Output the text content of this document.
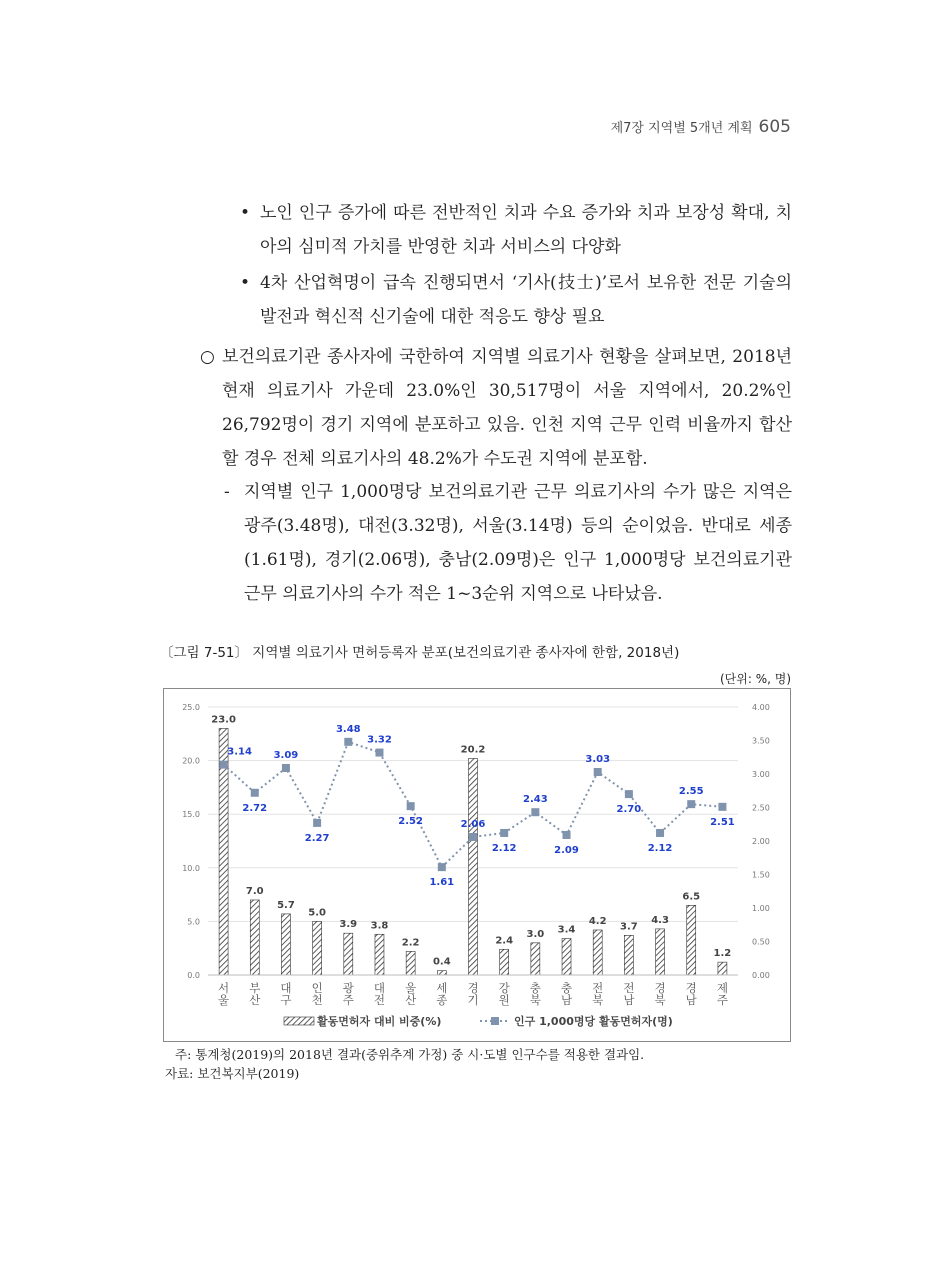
제7장 지역별 5개년 계획 605
• 노인 인구 증가에 따른 전반적인 치과 수요 증가와 치과 보장성 확대, 치아의 심미적 가치를 반영한 치과 서비스의 다양화
• 4차 산업혁명이 급속 진행되면서 ‘기사(技士)’로서 보유한 전문 기술의 발전과 혁신적 신기술에 대한 적응도 향상 필요
○ 보건의료기관 종사자에 국한하여 지역별 의료기사 현황을 살펴보면, 2018년 현재 의료기사 가운데 23.0%인 30,517명이 서울 지역에서, 20.2%인 26,792명이 경기 지역에 분포하고 있음. 인천 지역 근무 인력 비율까지 합산할 경우 전체 의료기사의 48.2%가 수도권 지역에 분포함.
- 지역별 인구 1,000명당 보건의료기관 근무 의료기사의 수가 많은 지역은 광주(3.48명), 대전(3.32명), 서울(3.14명) 등의 순이었음. 반대로 세종(1.61명), 경기(2.06명), 충남(2.09명)은 인구 1,000명당 보건의료기관 근무 의료기사의 수가 적은 1~3순위 지역으로 나타났음.
〔그림 7-51〕 지역별 의료기사 면허등록자 분포(보건의료기관 종사자에 한함, 2018년)
(단위: %, 명)
23.0
7.0
5.7
5.0
3.9 3.8
2.2
0.4
20.2
2.4
3.0 3.4
4.2 3.7
4.3
6.5
1.2
3.14
2.72
3.09
2.27
3.48
3.32
2.52
1.61
2.06
2.12
2.43
2.09
3.03
2.70
2.12
2.55
2.51
0.0
5.0
10.0
15.0
20.0
25.0
0.00
0.50
1.00
1.50
2.00
2.50
3.00
3.50
4.00
서
울
부
산
대
구
인
천
광
주
대
전
울
산
세
종
경
기
강
원
충
북
충
남
전
북
전
남
경
북
경
남
제
주
활동면허자 대비 비중(%)	인구 1,000명당 활동면허자(명)
주: 통계청(2019)의 2018년 결과(중위추계 가정) 중 시·도별 인구수를 적용한 결과임.
자료: 보건복지부(2019)
